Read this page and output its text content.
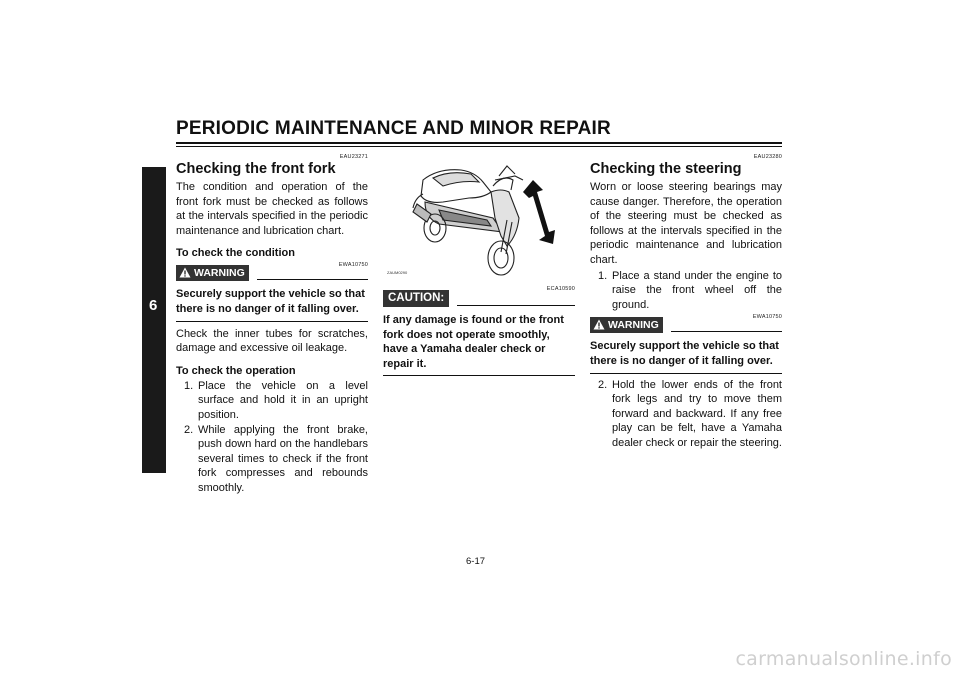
PERIODIC MAINTENANCE AND MINOR REPAIR
6
EAU23271
Checking the front fork

The condition and operation of the front fork must be checked as follows at the intervals specified in the periodic maintenance and lubrication chart.

To check the condition
EWA10750
WARNING
Securely support the vehicle so that there is no danger of it falling over.

Check the inner tubes for scratches, damage and excessive oil leakage.

To check the operation
1. Place the vehicle on a level surface and hold it in an upright position.
2. While applying the front brake, push down hard on the handlebars several times to check if the front fork compresses and rebounds smoothly.
ZAUM0290
ECA10590
CAUTION:
If any damage is found or the front fork does not operate smoothly, have a Yamaha dealer check or repair it.
EAU23280
Checking the steering

Worn or loose steering bearings may cause danger. Therefore, the operation of the steering must be checked as follows at the intervals specified in the periodic maintenance and lubrication chart.

1. Place a stand under the engine to raise the front wheel off the ground.
EWA10750
WARNING
Securely support the vehicle so that there is no danger of it falling over.
2. Hold the lower ends of the front fork legs and try to move them forward and backward. If any free play can be felt, have a Yamaha dealer check or repair the steering.
6-17
carmanualsonline.info
